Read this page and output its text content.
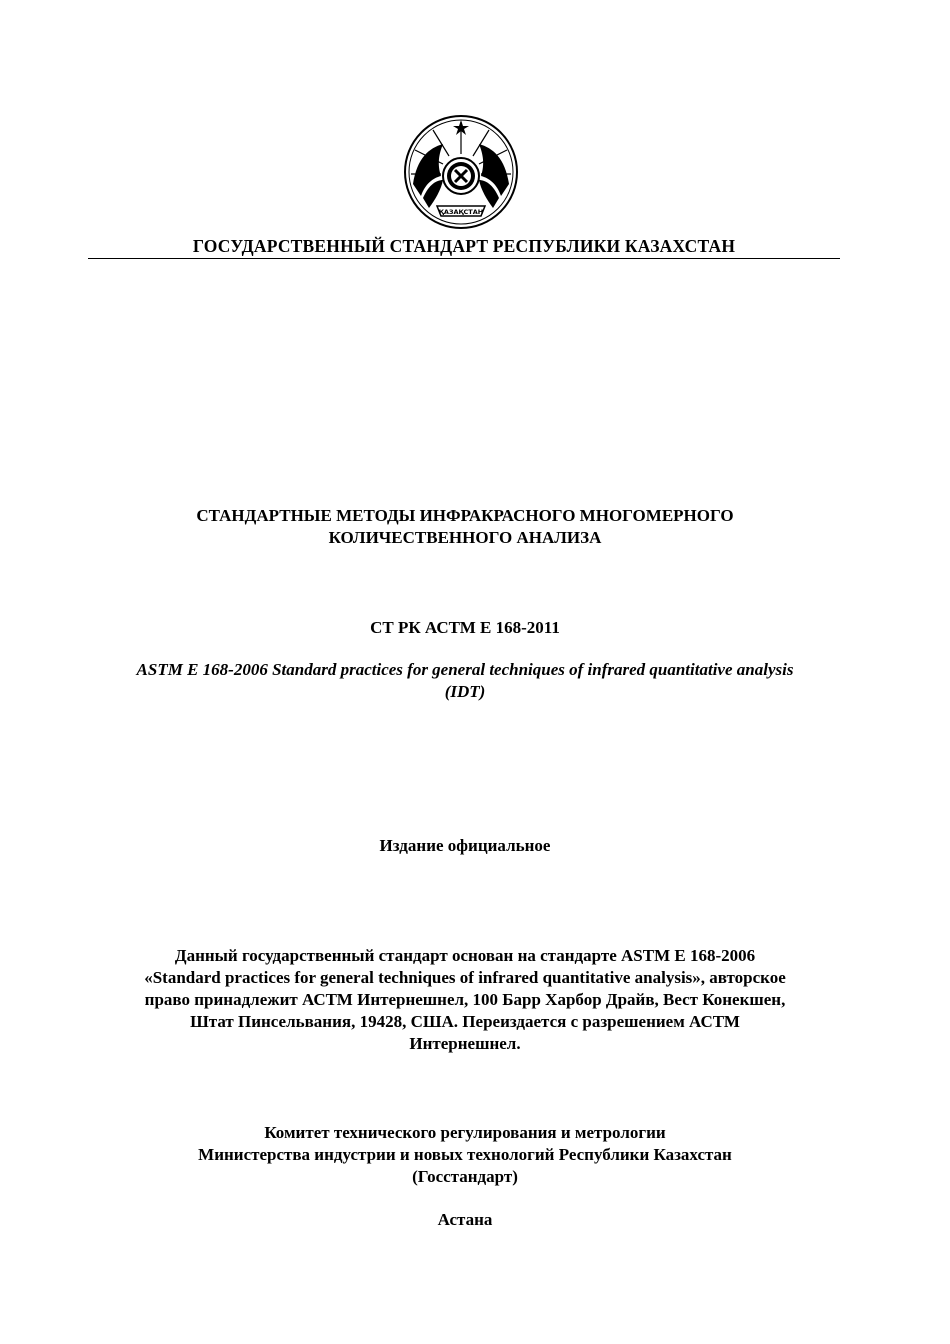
ҚАЗАҚСТАН
ГОСУДАРСТВЕННЫЙ СТАНДАРТ РЕСПУБЛИКИ КАЗАХСТАН
СТАНДАРТНЫЕ МЕТОДЫ ИНФРАКРАСНОГО МНОГОМЕРНОГО
КОЛИЧЕСТВЕННОГО АНАЛИЗА
СТ РК АСТМ Е 168-2011
ASTM E 168-2006 Standard practices for general techniques of infrared quantitative analysis
(IDT)
Издание официальное
Данный государственный стандарт основан на стандарте ASTM E 168-2006
«Standard practices for general techniques of infrared quantitative analysis», авторское
право принадлежит АСТМ Интернешнел, 100 Барр Харбор Драйв, Вест Конекшен,
Штат Пинсельвания, 19428, США. Переиздается с разрешением АСТМ
Интернешнел.
Комитет технического регулирования и метрологии
Министерства индустрии и новых технологий Республики Казахстан
(Госстандарт)
Астана
